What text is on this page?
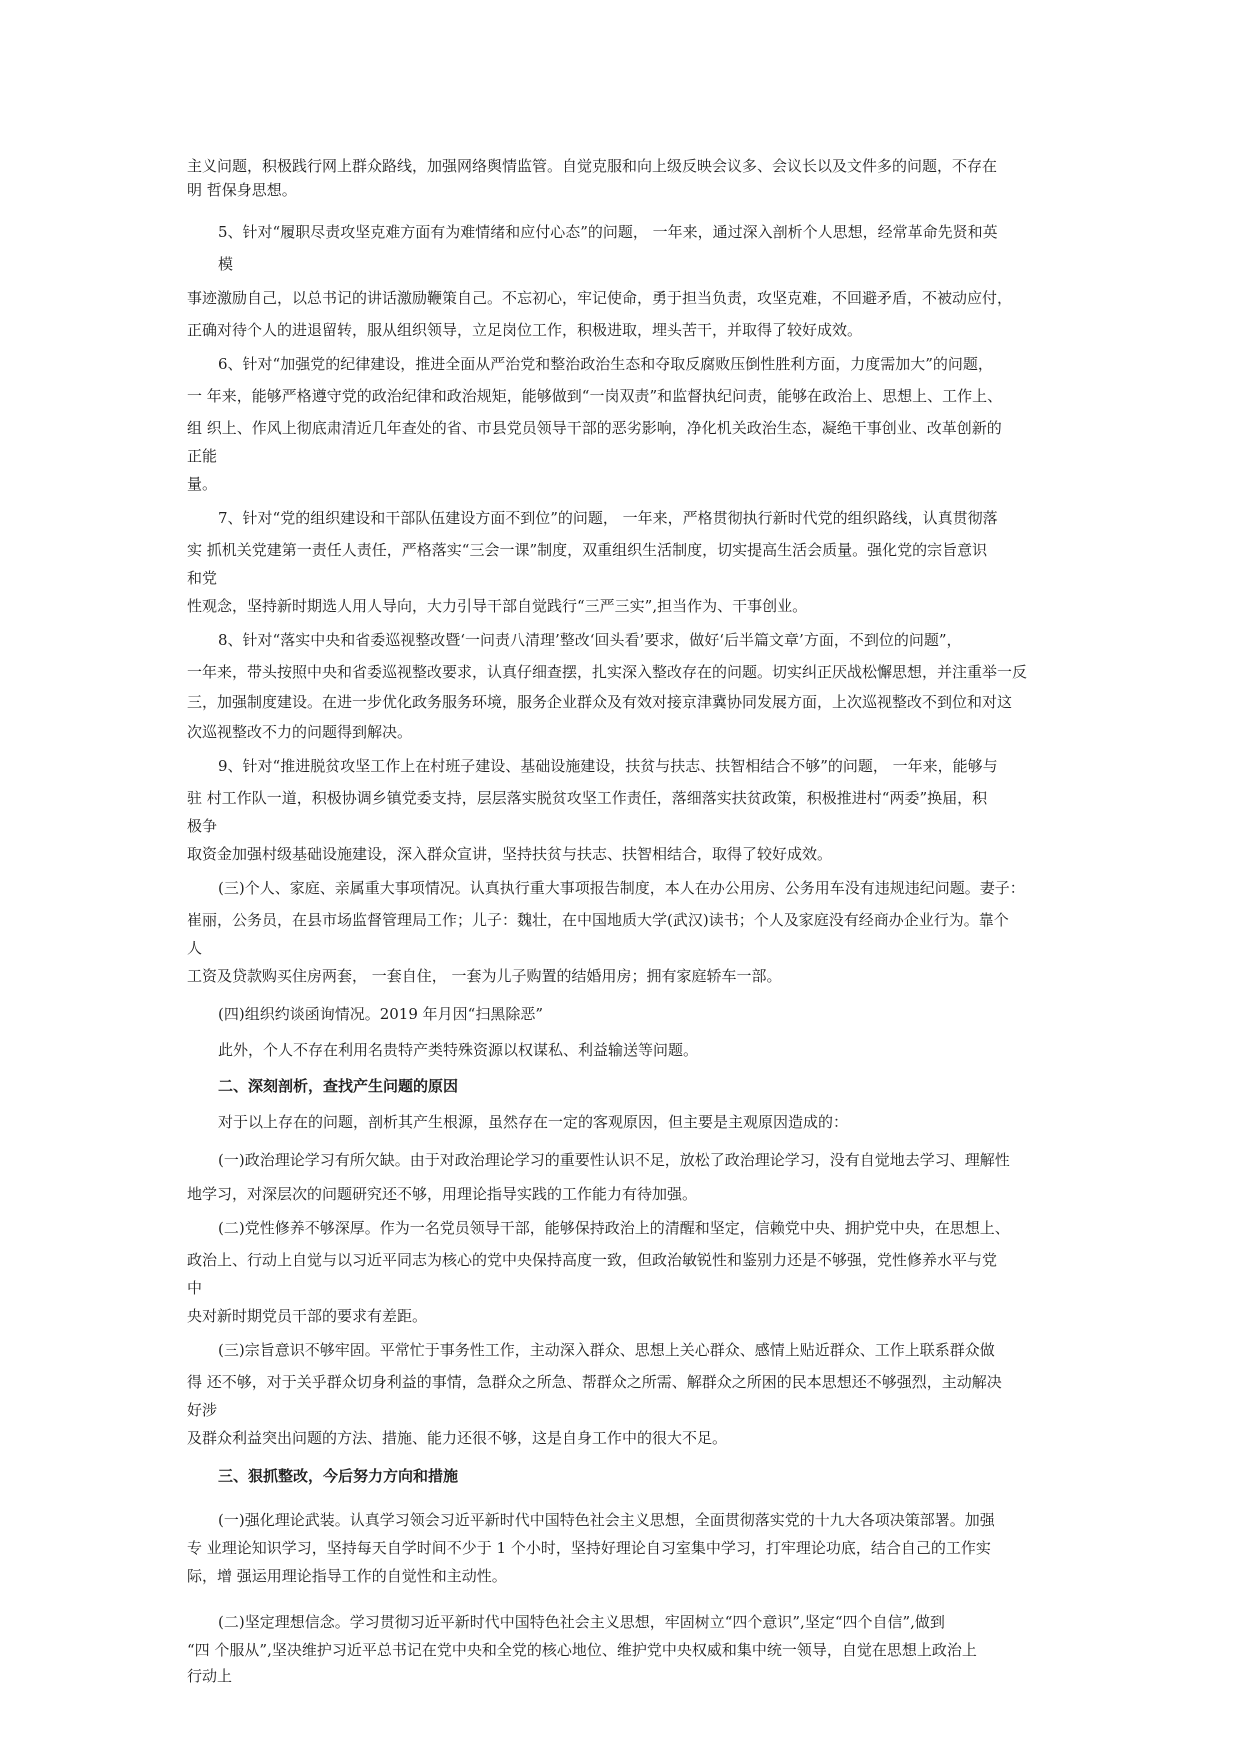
主义问题，积极践行网上群众路线，加强网络舆情监管。自觉克服和向上级反映会议多、会议长以及文件多的问题，不存在
明 哲保身思想。
5、针对“履职尽责攻坚克难方面有为难情绪和应付心态”的问题， 一年来，通过深入剖析个人思想，经常革命先贤和英
模
事迹激励自己，以总书记的讲话激励鞭策自己。不忘初心，牢记使命，勇于担当负责，攻坚克难，不回避矛盾，不被动应付，
正确对待个人的进退留转，服从组织领导，立足岗位工作，积极进取，埋头苦干，并取得了较好成效。
6、针对“加强党的纪律建设，推进全面从严治党和整治政治生态和夺取反腐败压倒性胜利方面，力度需加大”的问题，
一 年来，能够严格遵守党的政治纪律和政治规矩，能够做到“一岗双责”和监督执纪问责，能够在政治上、思想上、工作上、
组 织上、作风上彻底肃清近几年查处的省、市县党员领导干部的恶劣影响，净化机关政治生态，凝绝干事创业、改革创新的
正能
量。
7、针对“党的组织建设和干部队伍建设方面不到位”的问题， 一年来，严格贯彻执行新时代党的组织路线，认真贯彻落
实 抓机关党建第一责任人责任，严格落实“三会一课”制度，双重组织生活制度，切实提高生活会质量。强化党的宗旨意识
和党
性观念，坚持新时期选人用人导向，大力引导干部自觉践行“三严三实”,担当作为、干事创业。
8、针对“落实中央和省委巡视整改暨‘一问责八清理’整改‘回头看’要求，做好‘后半篇文章’方面，不到位的问题”，
一年来，带头按照中央和省委巡视整改要求，认真仔细查摆，扎实深入整改存在的问题。切实纠正厌战松懈思想，并注重举一反
三，加强制度建设。在进一步优化政务服务环境，服务企业群众及有效对接京津冀协同发展方面，上次巡视整改不到位和对这
次巡视整改不力的问题得到解决。
9、针对“推进脱贫攻坚工作上在村班子建设、基础设施建设，扶贫与扶志、扶智相结合不够”的问题， 一年来，能够与
驻 村工作队一道，积极协调乡镇党委支持，层层落实脱贫攻坚工作责任，落细落实扶贫政策，积极推进村“两委”换届，积
极争
取资金加强村级基础设施建设，深入群众宣讲，坚持扶贫与扶志、扶智相结合，取得了较好成效。
(三)个人、家庭、亲属重大事项情况。认真执行重大事项报告制度，本人在办公用房、公务用车没有违规违纪问题。妻子：
崔丽，公务员，在县市场监督管理局工作；儿子：魏壮，在中国地质大学(武汉)读书；个人及家庭没有经商办企业行为。靠个
人
工资及贷款购买住房两套， 一套自住， 一套为儿子购置的结婚用房；拥有家庭轿车一部。
(四)组织约谈函询情况。2019 年月因“扫黑除恶”
此外，个人不存在利用名贵特产类特殊资源以权谋私、利益输送等问题。
二、深刻剖析，查找产生问题的原因
对于以上存在的问题，剖析其产生根源，虽然存在一定的客观原因，但主要是主观原因造成的：
(一)政治理论学习有所欠缺。由于对政治理论学习的重要性认识不足，放松了政治理论学习，没有自觉地去学习、理解性
地学习，对深层次的问题研究还不够，用理论指导实践的工作能力有待加强。
(二)党性修养不够深厚。作为一名党员领导干部，能够保持政治上的清醒和坚定，信赖党中央、拥护党中央，在思想上、
政治上、行动上自觉与以习近平同志为核心的党中央保持高度一致，但政治敏锐性和鉴别力还是不够强，党性修养水平与党
中
央对新时期党员干部的要求有差距。
(三)宗旨意识不够牢固。平常忙于事务性工作，主动深入群众、思想上关心群众、感情上贴近群众、工作上联系群众做
得 还不够，对于关乎群众切身利益的事情，急群众之所急、帮群众之所需、解群众之所困的民本思想还不够强烈，主动解决
好涉
及群众利益突出问题的方法、措施、能力还很不够，这是自身工作中的很大不足。
三、狠抓整改，今后努力方向和措施
(一)强化理论武装。认真学习领会习近平新时代中国特色社会主义思想，全面贯彻落实党的十九大各项决策部署。加强
专 业理论知识学习，坚持每天自学时间不少于 1 个小时，坚持好理论自习室集中学习，打牢理论功底，结合自己的工作实
际，增 强运用理论指导工作的自觉性和主动性。
(二)坚定理想信念。学习贯彻习近平新时代中国特色社会主义思想，牢固树立“四个意识”,坚定“四个自信”,做到
“四 个服从”,坚决维护习近平总书记在党中央和全党的核心地位、维护党中央权威和集中统一领导，自觉在思想上政治上
行动上
